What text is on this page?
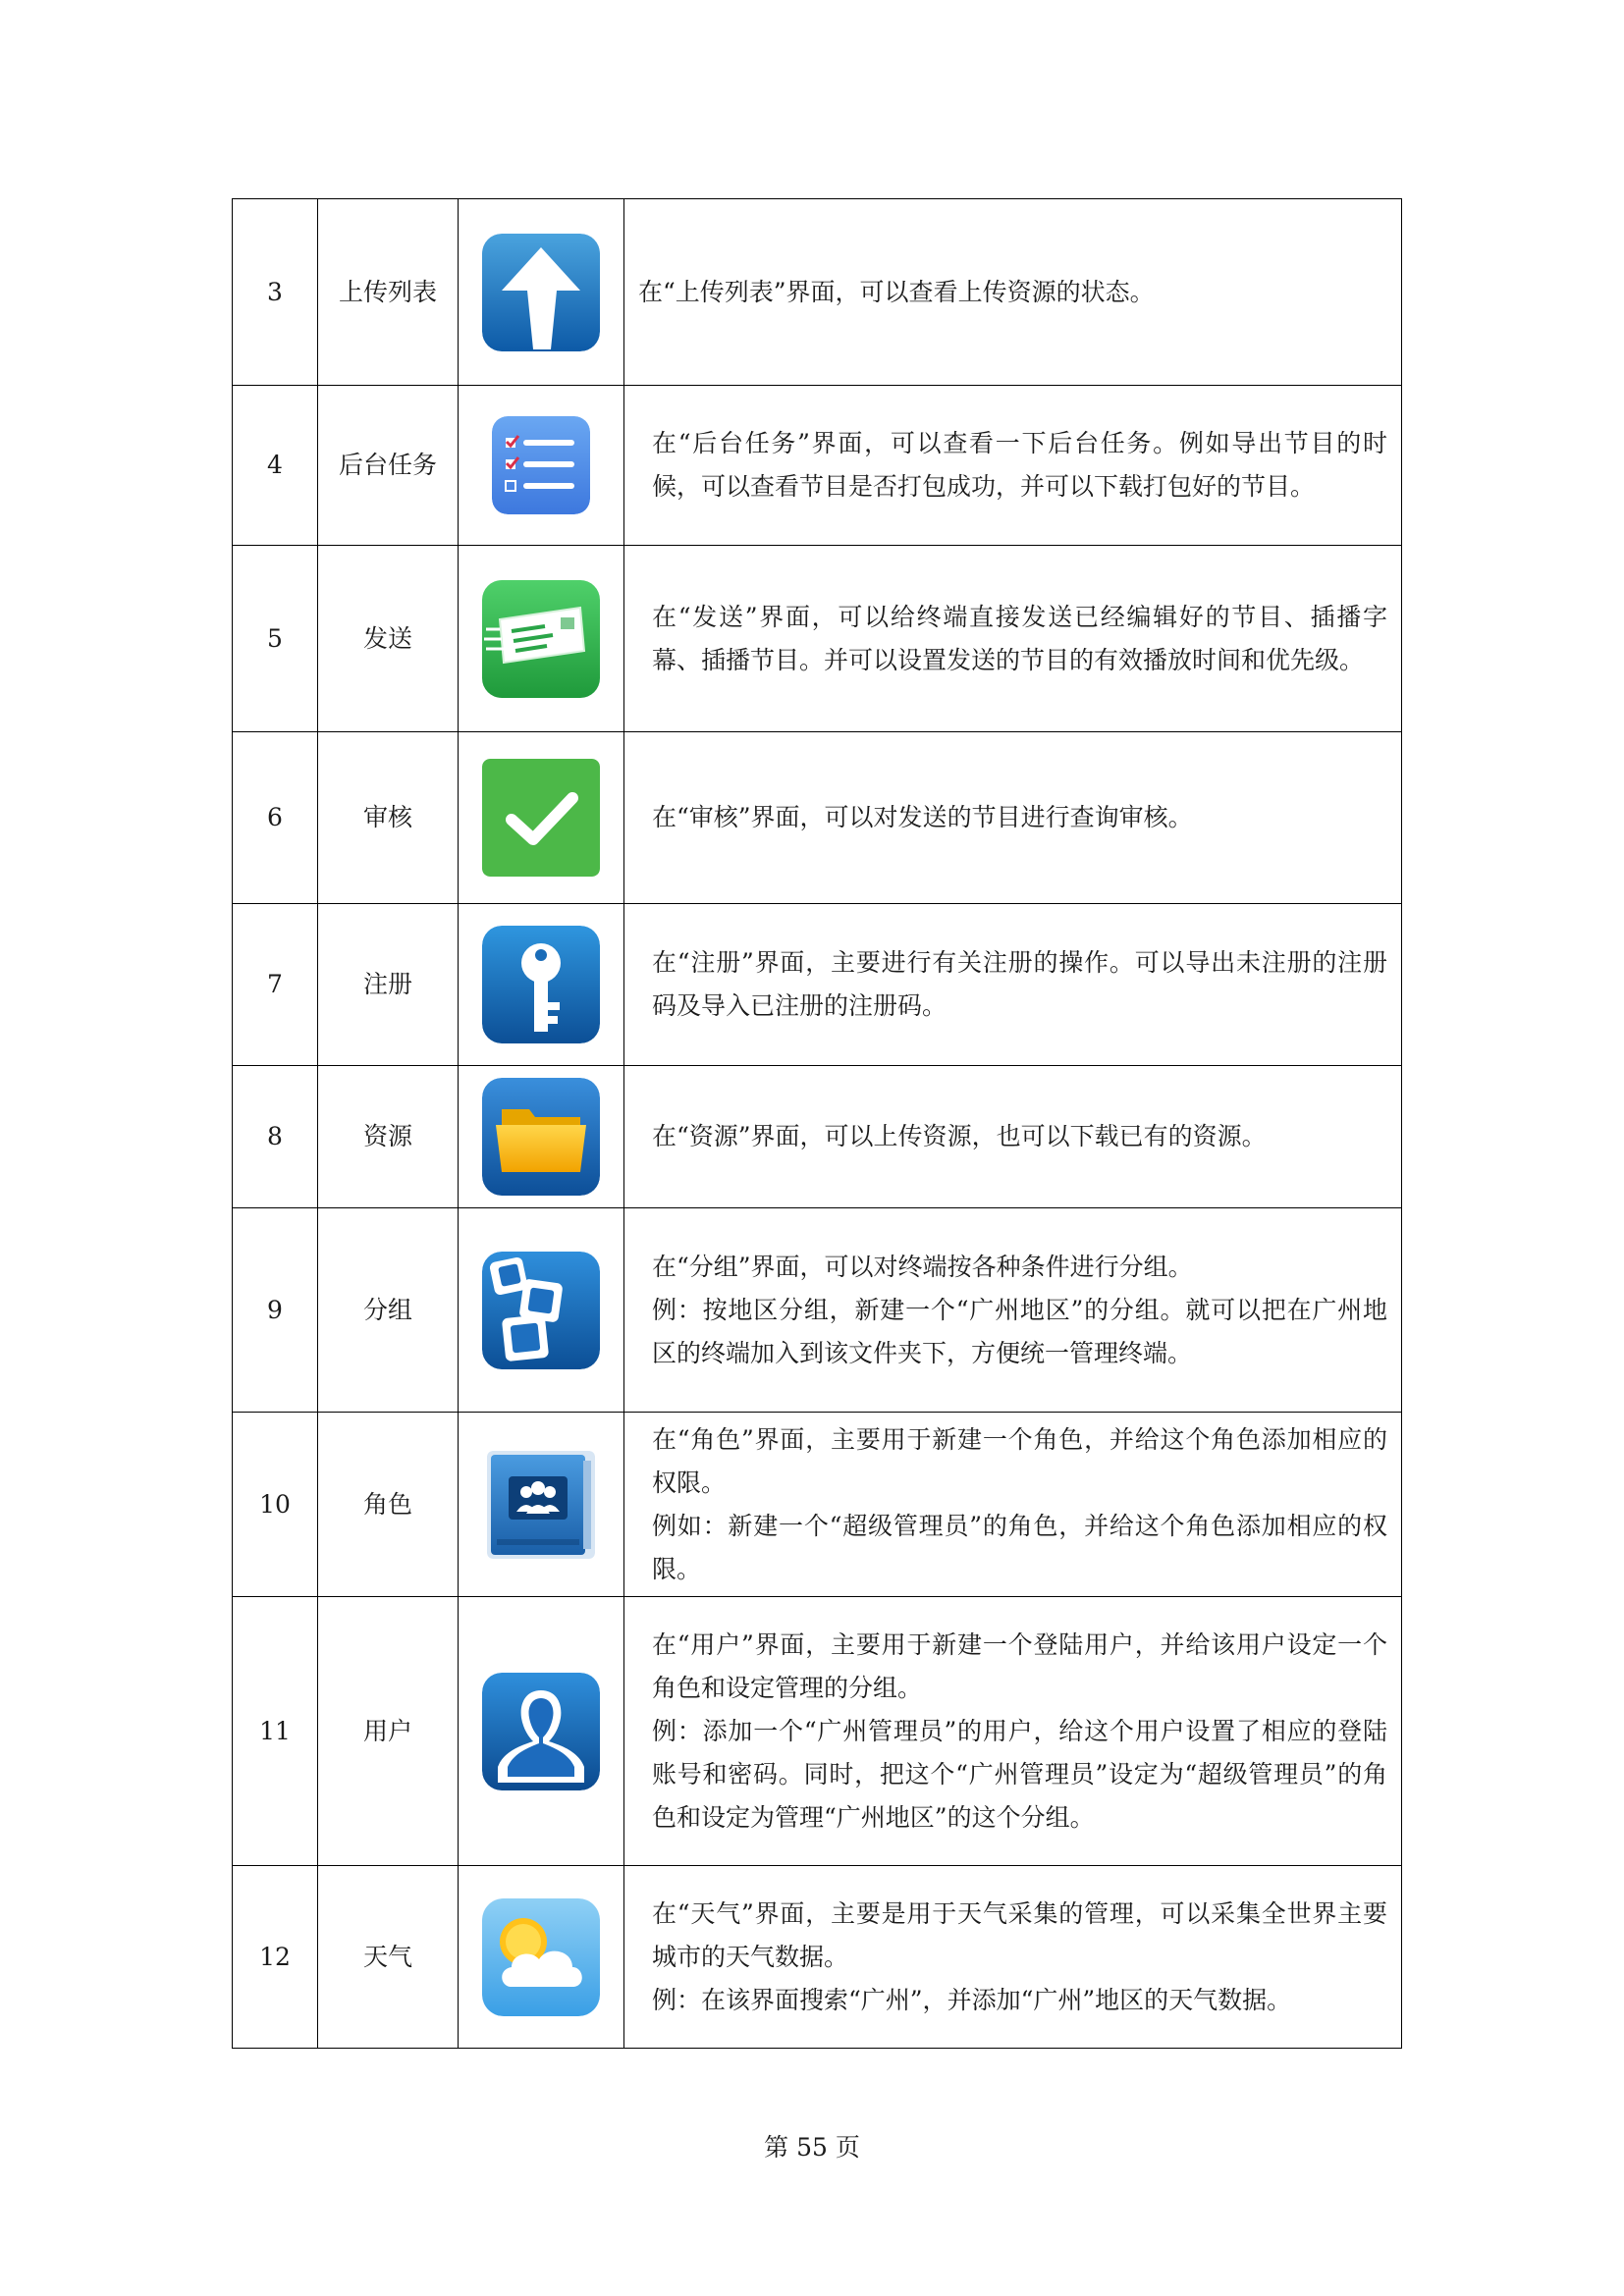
3	上传列表		在“上传列表”界面，可以查看上传资源的状态。

4	后台任务		在“后台任务”界面，可以查看一下后台任务。例如导出节目的时候，可以查看节目是否打包成功，并可以下载打包好的节目。

5	发送		在“发送”界面，可以给终端直接发送已经编辑好的节目、插播字幕、插播节目。并可以设置发送的节目的有效播放时间和优先级。

6	审核		在“审核”界面，可以对发送的节目进行查询审核。

7	注册		在“注册”界面，主要进行有关注册的操作。可以导出未注册的注册码及导入已注册的注册码。

8	资源		在“资源”界面，可以上传资源，也可以下载已有的资源。

9	分组		在“分组”界面，可以对终端按各种条件进行分组。
例：按地区分组，新建一个“广州地区”的分组。就可以把在广州地区的终端加入到该文件夹下，方便统一管理终端。

10	角色		在“角色”界面，主要用于新建一个角色，并给这个角色添加相应的权限。
例如：新建一个“超级管理员”的角色，并给这个角色添加相应的权限。

11	用户		在“用户”界面，主要用于新建一个登陆用户，并给该用户设定一个角色和设定管理的分组。
例：添加一个“广州管理员”的用户，给这个用户设置了相应的登陆账号和密码。同时，把这个“广州管理员”设定为“超级管理员”的角色和设定为管理“广州地区”的这个分组。

12	天气		在“天气”界面，主要是用于天气采集的管理，可以采集全世界主要城市的天气数据。
例：在该界面搜索“广州”，并添加“广州”地区的天气数据。
第 55 页
